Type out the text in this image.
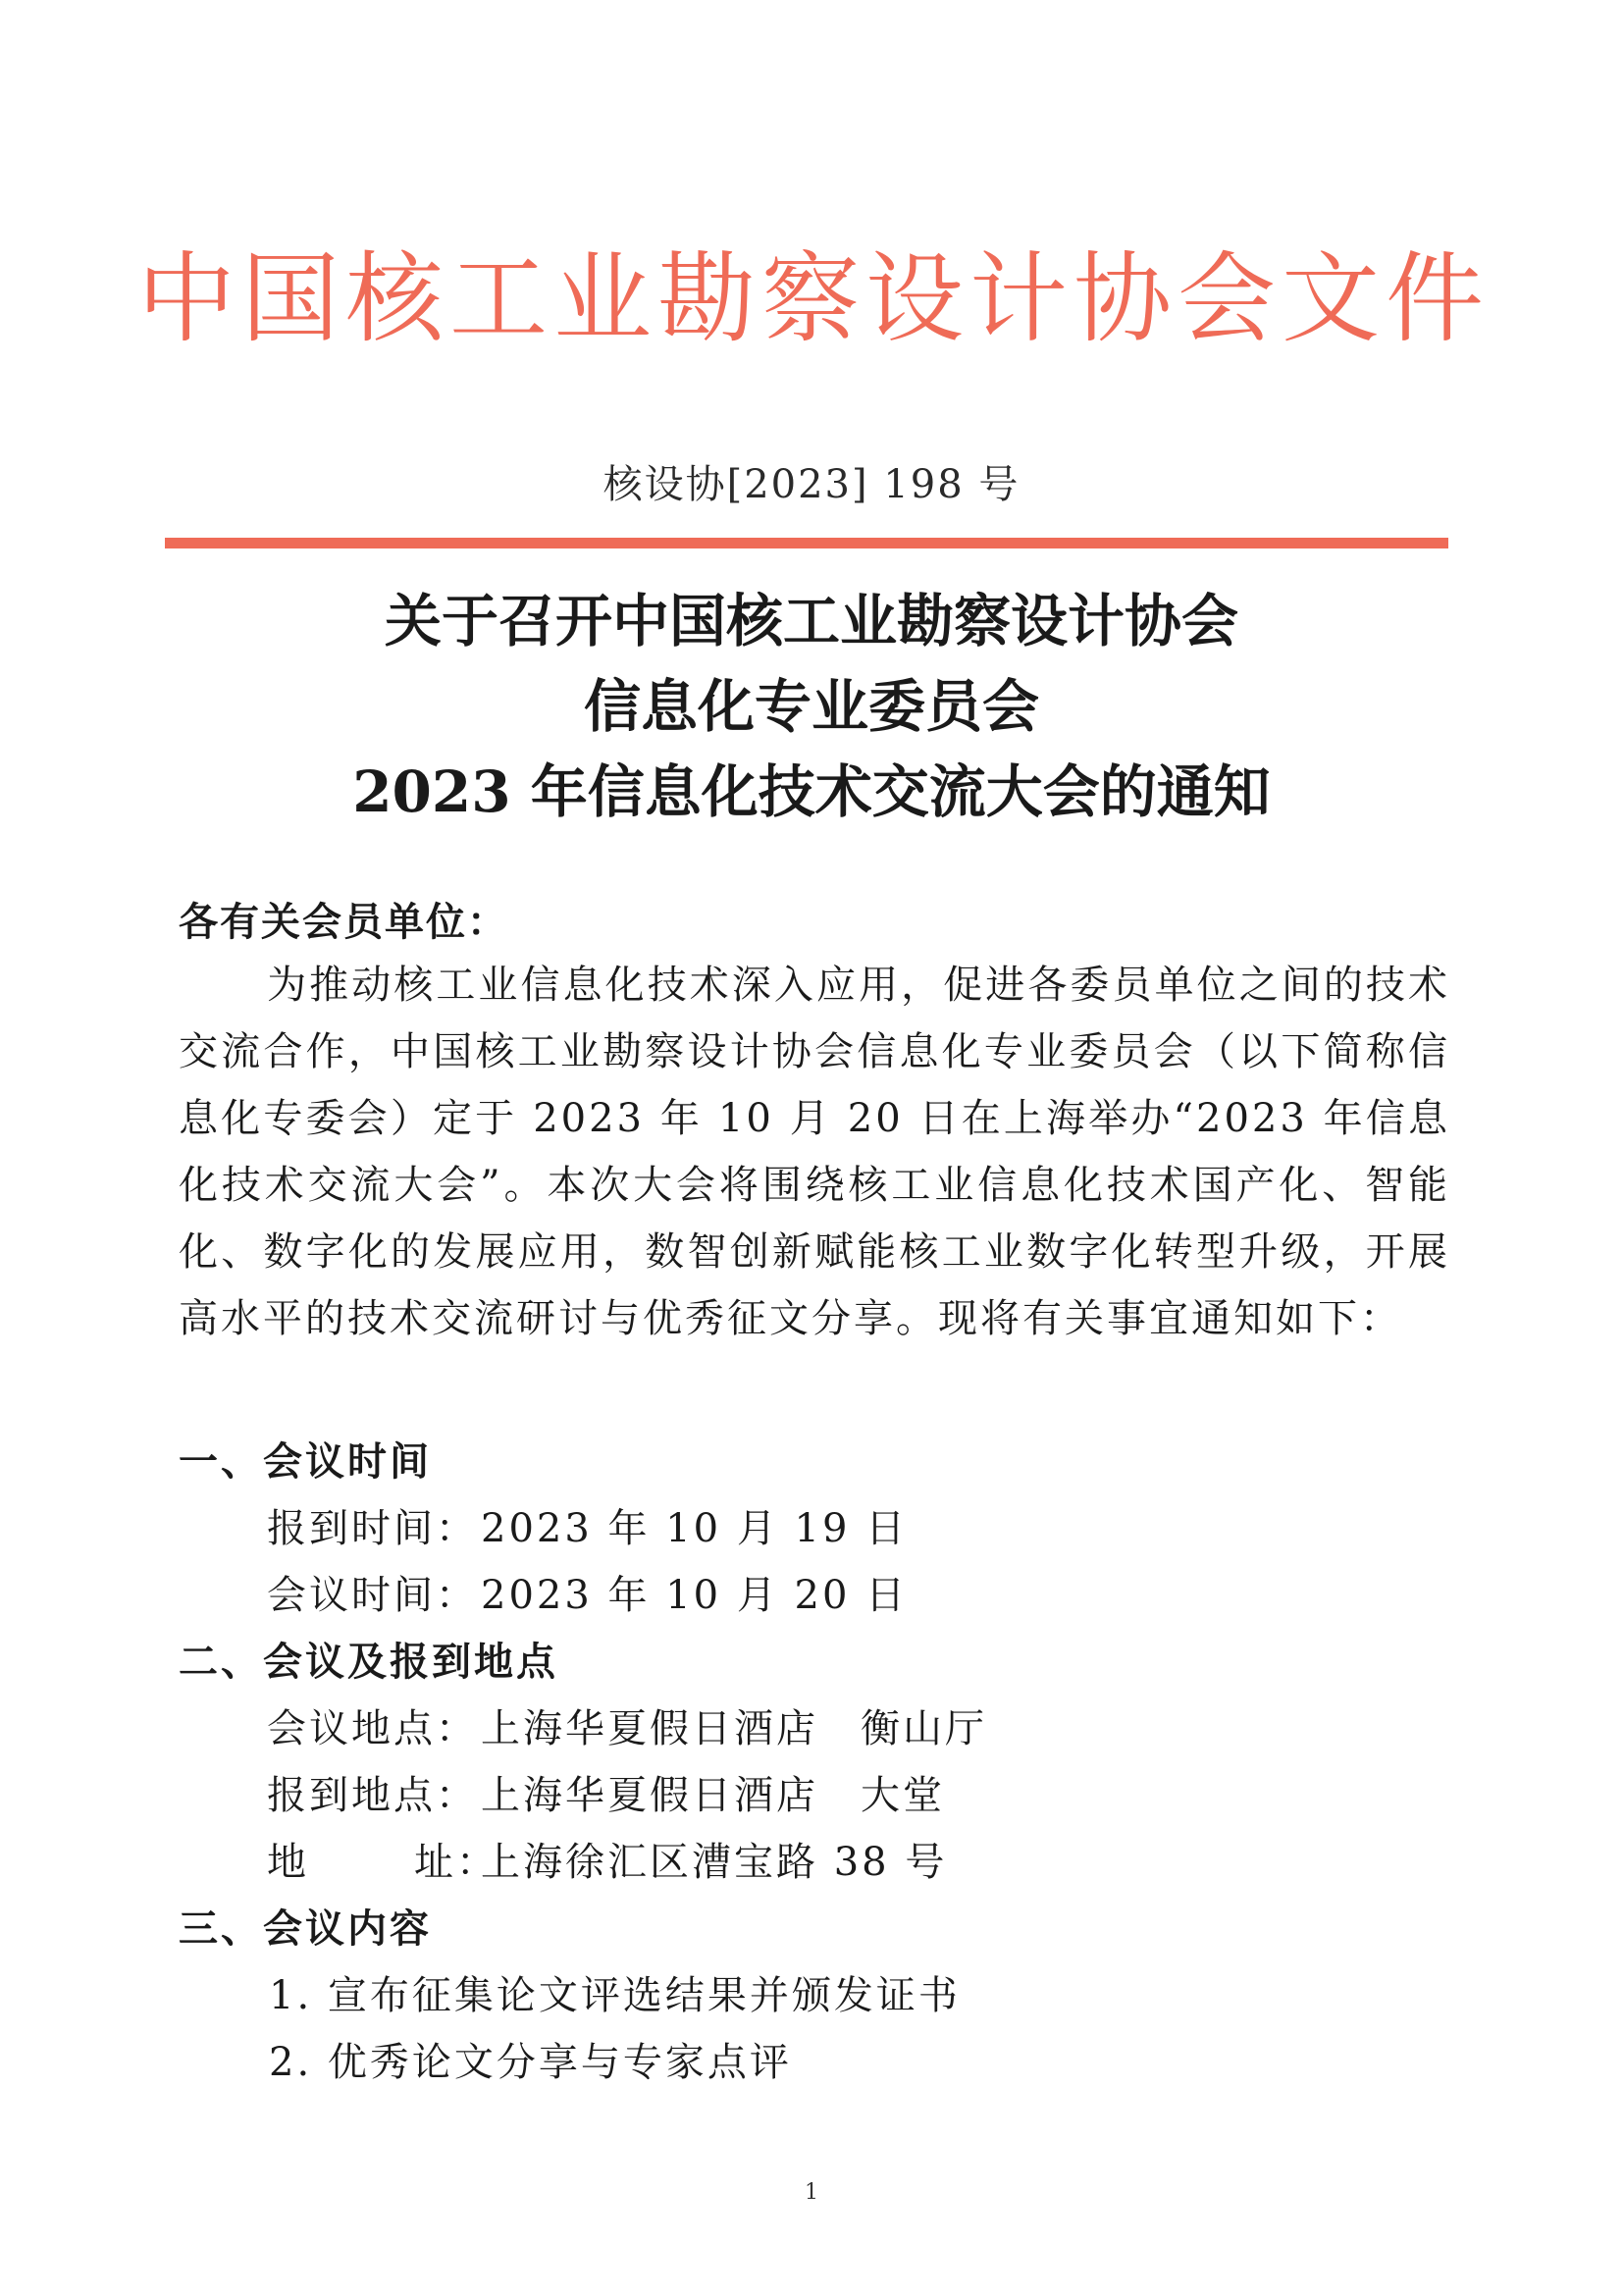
中国核工业勘察设计协会文件
核设协[2023] 198 号
关于召开中国核工业勘察设计协会
信息化专业委员会
2023 年信息化技术交流大会的通知
各有关会员单位：
为推动核工业信息化技术深入应用，促进各委员单位之间的技术交流合作，中国核工业勘察设计协会信息化专业委员会（以下简称信息化专委会）定于 2023 年 10 月 20 日在上海举办“2023 年信息化技术交流大会”。本次大会将围绕核工业信息化技术国产化、智能化、数字化的发展应用，数智创新赋能核工业数字化转型升级，开展高水平的技术交流研讨与优秀征文分享。现将有关事宜通知如下：
一、会议时间
报到时间：2023 年 10 月 19 日
会议时间：2023 年 10 月 20 日
二、会议及报到地点
会议地点：上海华夏假日酒店　衡山厅
报到地点：上海华夏假日酒店　大堂
地	址：上海徐汇区漕宝路 38 号
三、会议内容
1. 宣布征集论文评选结果并颁发证书
2. 优秀论文分享与专家点评
1
